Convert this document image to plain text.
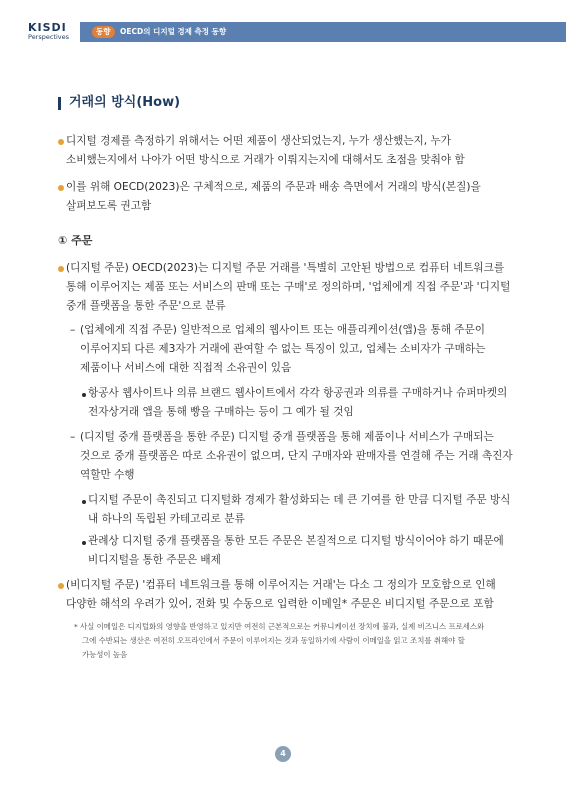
KISDI
Perspectives
동향	OECD의 디지털 경제 측정 동향
거래의 방식(How)
디지털 경제를 측정하기 위해서는 어떤 제품이 생산되었는지, 누가 생산했는지, 누가
소비했는지에서 나아가 어떤 방식으로 거래가 이뤄지는지에 대해서도 초점을 맞춰야 함
이를 위해 OECD(2023)은 구체적으로, 제품의 주문과 배송 측면에서 거래의 방식(본질)을
살펴보도록 권고함
① 주문
(디지털 주문) OECD(2023)는 디지털 주문 거래를 '특별히 고안된 방법으로 컴퓨터 네트워크를
통해 이루어지는 제품 또는 서비스의 판매 또는 구매'로 정의하며, '업체에게 직접 주문'과 '디지털
중개 플랫폼을 통한 주문'으로 분류
– (업체에게 직접 주문) 일반적으로 업체의 웹사이트 또는 애플리케이션(앱)을 통해 주문이
이루어지되 다른 제3자가 거래에 관여할 수 없는 특징이 있고, 업체는 소비자가 구매하는
제품이나 서비스에 대한 직접적 소유권이 있음
항공사 웹사이트나 의류 브랜드 웹사이트에서 각각 항공권과 의류를 구매하거나 슈퍼마켓의
전자상거래 앱을 통해 빵을 구매하는 등이 그 예가 될 것임
– (디지털 중개 플랫폼을 통한 주문) 디지털 중개 플랫폼을 통해 제품이나 서비스가 구매되는
것으로 중개 플랫폼은 따로 소유권이 없으며, 단지 구매자와 판매자를 연결해 주는 거래 촉진자
역할만 수행
디지털 주문이 촉진되고 디지털화 경제가 활성화되는 데 큰 기여를 한 만큼 디지털 주문 방식
내 하나의 독립된 카테고리로 분류
관례상 디지털 중개 플랫폼을 통한 모든 주문은 본질적으로 디지털 방식이어야 하기 때문에
비디지털을 통한 주문은 배제
(비디지털 주문) '컴퓨터 네트워크를 통해 이루어지는 거래'는 다소 그 정의가 모호함으로 인해
다양한 해석의 우려가 있어, 전화 및 수동으로 입력한 이메일* 주문은 비디지털 주문으로 포함
* 사실 이메일은 디지털화의 영향을 반영하고 있지만 여전히 근본적으로는 커뮤니케이션 장치에 불과, 실제 비즈니스 프로세스와
그에 수반되는 생산은 여전히 오프라인에서 주문이 이루어지는 것과 동일하기에 사람이 이메일을 읽고 조치를 취해야 할
가능성이 높음
4
